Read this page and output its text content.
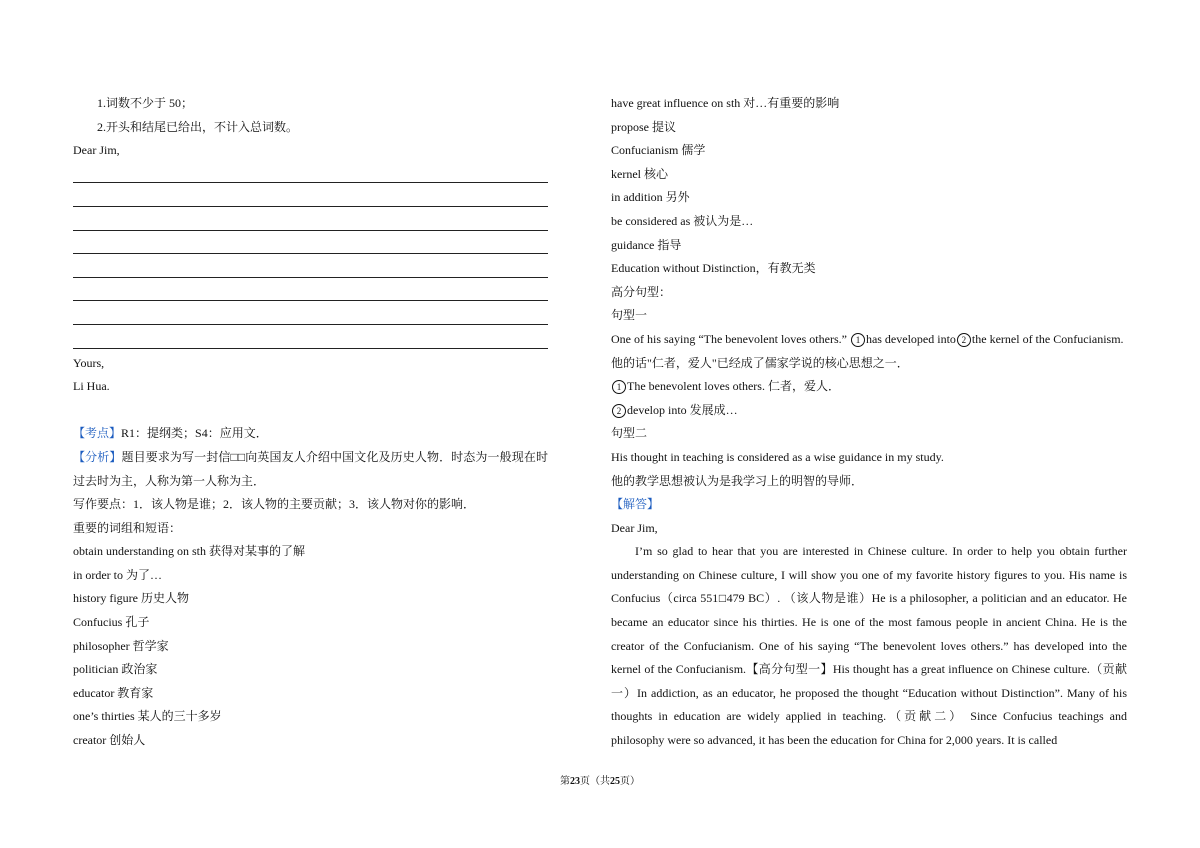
1.词数不少于 50；
2.开头和结尾已给出，不计入总词数。
Dear Jim,
Yours,
Li Hua.
【考点】R1：提纲类；S4：应用文．
【分析】题目要求为写一封信□□向英国友人介绍中国文化及历史人物．时态为一般现在时
过去时为主，人称为第一人称为主．
写作要点：1．该人物是谁；2．该人物的主要贡献；3．该人物对你的影响．
重要的词组和短语：
obtain understanding on sth 获得对某事的了解
in order to 为了…
history figure 历史人物
Confucius 孔子
philosopher 哲学家
politician 政治家
educator 教育家
one’s thirties 某人的三十多岁
creator 创始人
have great influence on sth 对…有重要的影响
propose 提议
Confucianism 儒学
kernel 核心
in addition 另外
be considered as 被认为是…
guidance 指导
Education without Distinction，有教无类
高分句型：
句型一
One of his saying “The benevolent loves others.” 1 has developed into 2 the kernel of the Confucianism.
他的话"仁者，爱人"已经成了儒家学说的核心思想之一．
1 The benevolent loves others. 仁者，爱人．
2 develop into 发展成…
句型二
His thought in teaching is considered as a wise guidance in my study.
他的教学思想被认为是我学习上的明智的导师．
【解答】
Dear Jim,

I’m so glad to hear that you are interested in Chinese culture. In order to help you obtain further understanding on Chinese culture, I will show you one of my favorite history figures to you. His name is Confucius（circa 551□479 BC）. （该人物是谁）He is a philosopher, a politician and an educator. He became an educator since his thirties. He is one of the most famous people in ancient China. He is the creator of the Confucianism. One of his saying “The benevolent loves others.” has developed into the kernel of the Confucianism.【高分句型一】His thought has a great influence on Chinese culture.（贡献一）In addiction, as an educator, he proposed the thought “Education without Distinction”. Many of his thoughts in education are widely applied in teaching.（贡献二） Since Confucius teachings and philosophy were so advanced, it has been the education for China for 2,000 years. It is called

第23页（共25页）
